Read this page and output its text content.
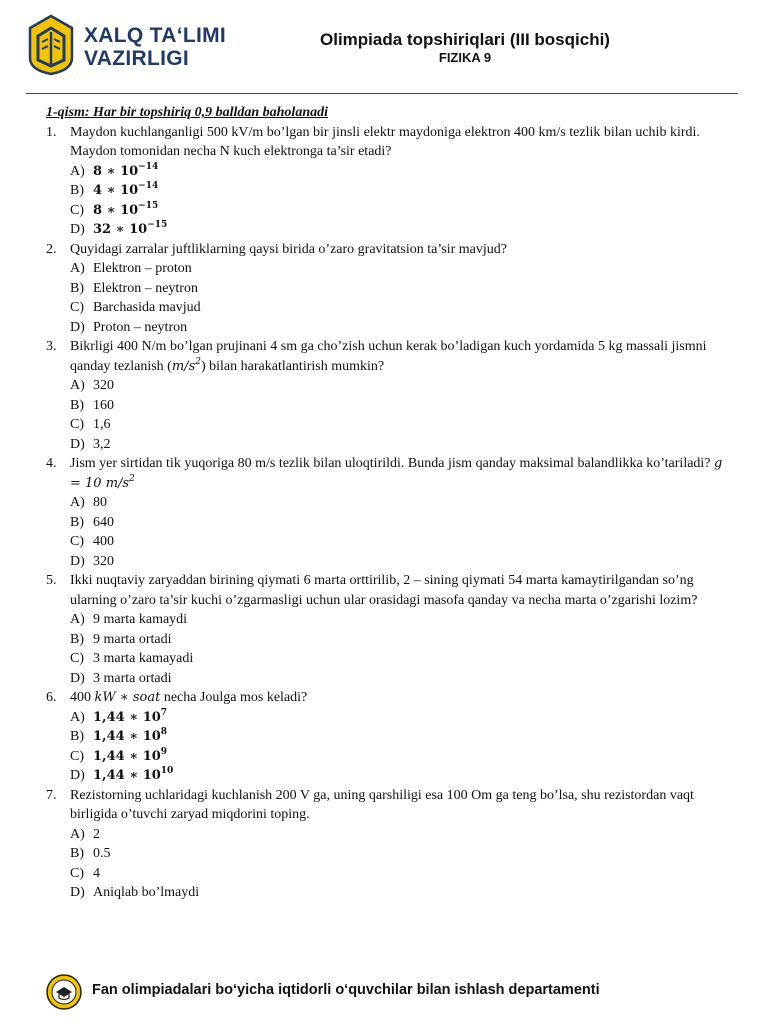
XALQ TAʻLIMI
VAZIRLIGI
Olimpiada topshiriqlari (III bosqichi)
FIZIKA 9
1-qism: Har bir topshiriq 0,9 balldan baholanadi
1. Maydon kuchlanganligi 500 kV/m bo’lgan bir jinsli elektr maydoniga elektron 400 km/s tezlik bilan uchib kirdi. Maydon tomonidan necha N kuch elektronga ta’sir etadi?
A) 8 ∗ $10^{-14}$
B) 4 ∗ $10^{-14}$
C) 8 ∗ $10^{-15}$
D) 32 ∗ $10^{-15}$
2. Quyidagi zarralar juftliklarning qaysi birida o’zaro gravitatsion ta’sir mavjud?
A) Elektron – proton
B) Elektron – neytron
C) Barchasida mavjud
D) Proton – neytron
3. Bikrligi 400 N/m bo’lgan prujinani 4 sm ga cho’zish uchun kerak bo’ladigan kuch yordamida 5 kg massali jismni qanday tezlanish $(m/s^2)$ bilan harakatlantirish mumkin?
A) 320
B) 160
C) 1,6
D) 3,2
4. Jism yer sirtidan tik yuqoriga 80 m/s tezlik bilan uloqtirildi. Bunda jism qanday maksimal balandlikka ko’tariladi? g = 10 $m/s^2$
A) 80
B) 640
C) 400
D) 320
5. Ikki nuqtaviy zaryaddan birining qiymati 6 marta orttirilib, 2 – sining qiymati 54 marta kamaytirilgandan so’ng ularning o’zaro ta’sir kuchi o’zgarmasligi uchun ular orasidagi masofa qanday va necha marta o’zgarishi lozim?
A) 9 marta kamaydi
B) 9 marta ortadi
C) 3 marta kamayadi
D) 3 marta ortadi
6. 400 kW ∗ soat necha Joulga mos keladi?
A) 1,44 ∗ $10^7$
B) 1,44 ∗ $10^8$
C) 1,44 ∗ $10^9$
D) 1,44 ∗ $10^{10}$
7. Rezistorning uchlaridagi kuchlanish 200 V ga, uning qarshiligi esa 100 Om ga teng bo’lsa, shu rezistordan vaqt birligida o’tuvchi zaryad miqdorini toping.
A) 2
B) 0.5
C) 4
D) Aniqlab bo’lmaydi
Fan olimpiadalari bo‘yicha iqtidorli o‘quvchilar bilan ishlash departamenti
